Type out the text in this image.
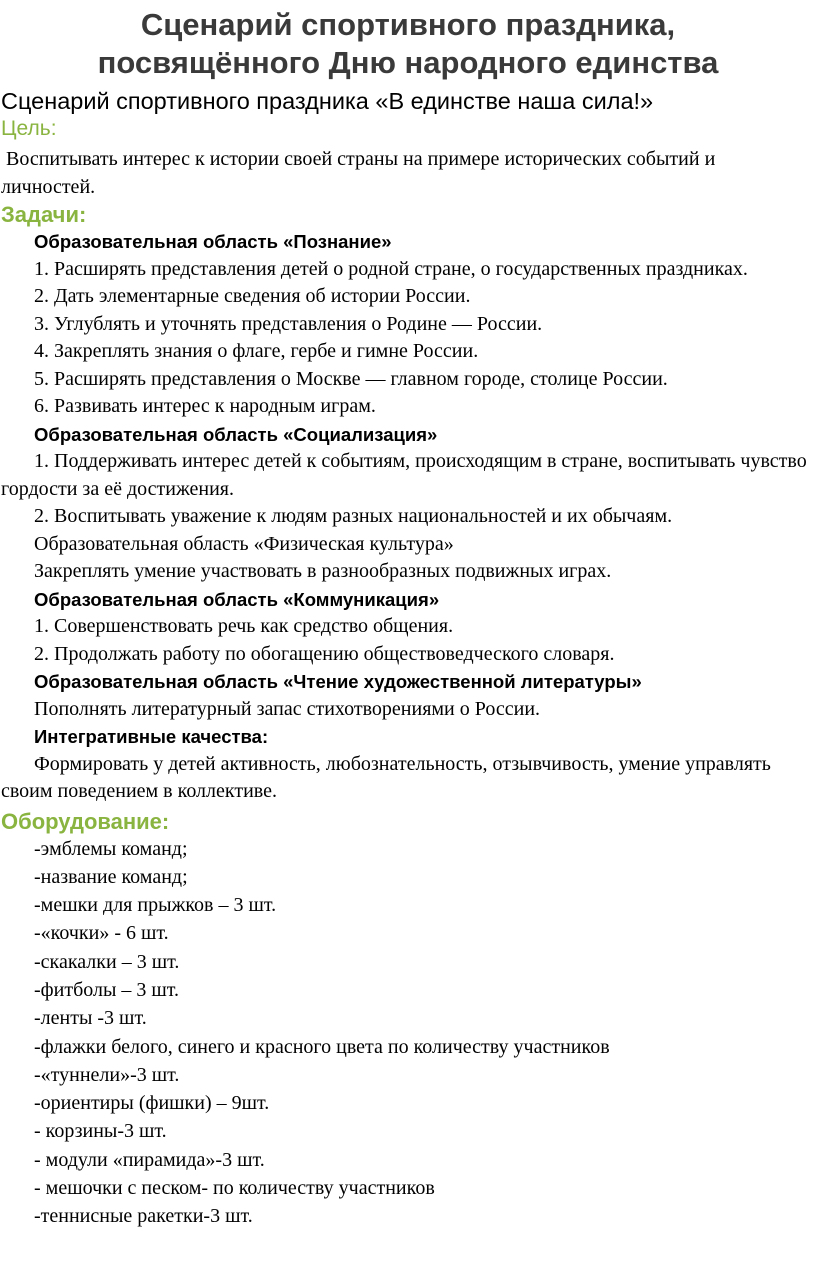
Сценарий спортивного праздника,
посвящённого Дню народного единства

Сценарий спортивного праздника «В единстве наша сила!»

Цель:

Воспитывать интерес к истории своей страны на примере исторических событий и личностей.

Задачи:

Образовательная область «Познание»

1. Расширять представления детей о родной стране, о государственных праздниках.

2. Дать элементарные сведения об истории России.

3. Углублять и уточнять представления о Родине — России.

4. Закреплять знания о флаге, гербе и гимне России.

5. Расширять представления о Москве — главном городе, столице России.

6. Развивать интерес к народным играм.

Образовательная область «Социализация»

1. Поддерживать интерес детей к событиям, происходящим в стране, воспитывать чувство гордости за её достижения.

2. Воспитывать уважение к людям разных национальностей и их обычаям.

Образовательная область «Физическая культура»

Закреплять умение участвовать в разнообразных подвижных играх.

Образовательная область «Коммуникация»

1. Совершенствовать речь как средство общения.

2. Продолжать работу по обогащению обществоведческого словаря.

Образовательная область «Чтение художественной литературы»

Пополнять литературный запас стихотворениями о России.

Интегративные качества:

Формировать у детей активность, любознательность, отзывчивость, умение управлять своим поведением в коллективе.

Оборудование:

-эмблемы команд;

-название команд;

-мешки для прыжков – 3 шт.

-«кочки» - 6 шт.

-скакалки – 3 шт.

-фитболы – 3 шт.

-ленты -3 шт.

-флажки белого, синего и красного цвета по количеству участников

-«туннели»-3 шт.

-ориентиры (фишки) – 9шт.

- корзины-3 шт.

- модули «пирамида»-3 шт.

- мешочки с песком- по количеству участников

-теннисные ракетки-3 шт.
